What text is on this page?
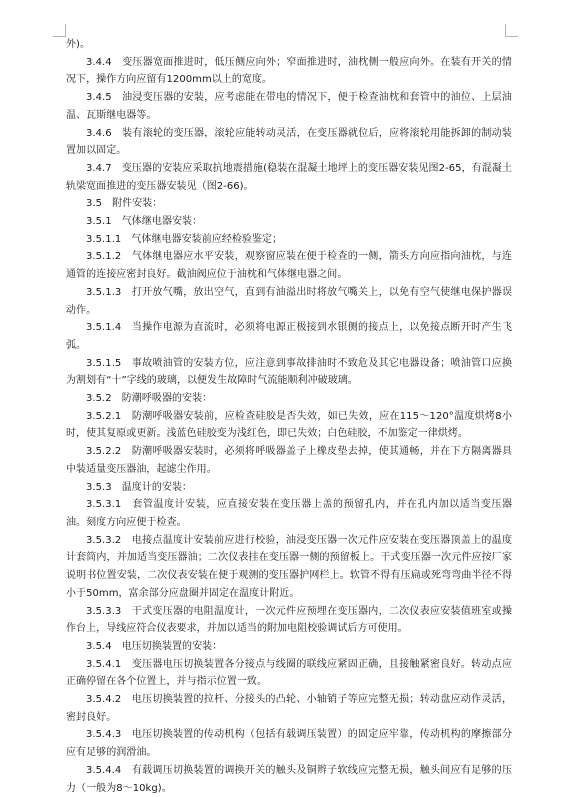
外)。

3.4.4　变压器宽面推进时，低压侧应向外；窄面推进时，油枕侧一般应向外。在装有开关的情况下，操作方向应留有1200mm以上的宽度。

3.4.5　油浸变压器的安装，应考虑能在带电的情况下，便于检查油枕和套管中的油位、上层油温、瓦斯继电器等。

3.4.6　装有滚轮的变压器，滚轮应能转动灵活，在变压器就位后，应将滚轮用能拆卸的制动装置加以固定。

3.4.7　变压器的安装应采取抗地震措施(稳装在混凝土地坪上的变压器安装见图2-65，有混凝土轨梁宽面推进的变压器安装见（图2-66)。

3.5　附件安装：

3.5.1　气体继电器安装：

3.5.1.1　气体继电器安装前应经检验鉴定；

3.5.1.2　气体继电器应水平安装，观察窗应装在便于检查的一侧，箭头方向应指向油枕，与连通管的连接应密封良好。截油阀应位于油枕和气体继电器之间。

3.5.1.3　打开放气嘴，放出空气，直到有油溢出时将放气嘴关上，以免有空气使继电保护器误动作。

3.5.1.4　当操作电源为直流时，必须将电源正极接到水银侧的接点上，以免接点断开时产生飞弧。

3.5.1.5　事故喷油管的安装方位，应注意到事故排油时不致危及其它电器设备；喷油管口应换为割划有“十”字线的玻璃，以便发生故障时气流能顺利冲破玻璃。

3.5.2　防潮呼吸器的安装：

3.5.2.1　防潮呼吸器安装前，应检查硅胶是否失效，如已失效，应在115～120°温度烘烤8小时，使其复原或更新。浅蓝色硅胶变为浅红色，即已失效；白色硅胶，不加鉴定一律烘烤。

3.5.2.2　防潮呼吸器安装时，必须将呼吸器盖子上橡皮垫去掉，使其通畅，并在下方隔离器具中装适量变压器油，起滤尘作用。

3.5.3　温度计的安装：

3.5.3.1　套管温度计安装，应直接安装在变压器上盖的预留孔内，并在孔内加以适当变压器油。刻度方向应便于检查。

3.5.3.2　电接点温度计安装前应进行校验，油浸变压器一次元件应安装在变压器顶盖上的温度计套筒内，并加适当变压器油；二次仪表挂在变压器一侧的预留板上。干式变压器一次元件应按厂家说明书位置安装，二次仪表安装在便于观测的变压器护网栏上。软管不得有压扁或死弯弯曲半径不得小于50mm，富余部分应盘圈并固定在温度计附近。

3.5.3.3　干式变压器的电阻温度计，一次元件应预埋在变压器内，二次仪表应安装值班室或操作台上，导线应符合仪表要求，并加以适当的附加电阻校验调试后方可使用。

3.5.4　电压切换装置的安装：

3.5.4.1　变压器电压切换装置各分接点与线圈的联线应紧固正确，且接触紧密良好。转动点应正确停留在各个位置上，并与指示位置一致。

3.5.4.2　电压切换装置的拉杆、分接头的凸轮、小轴销子等应完整无损；转动盘应动作灵活，密封良好。

3.5.4.3　电压切换装置的传动机构（包括有载调压装置）的固定应牢靠，传动机构的摩擦部分应有足够的润滑油。

3.5.4.4　有载调压切换装置的调换开关的触头及铜辫子软线应完整无损，触头间应有足够的压力（一般为8～10kg)。
